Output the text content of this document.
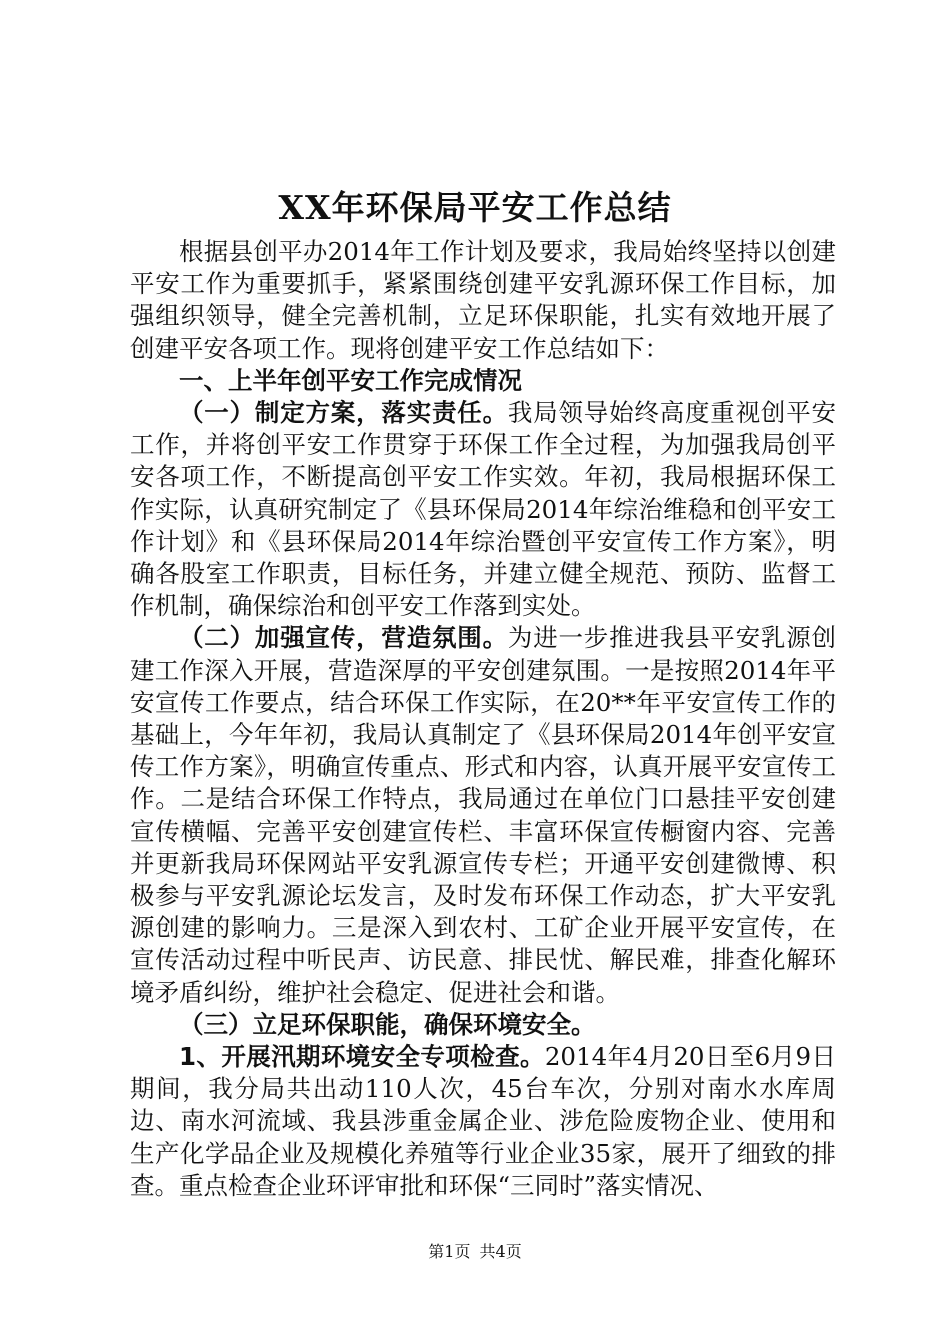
XX年环保局平安工作总结

根据县创平办2014年工作计划及要求，我局始终坚持以创建平安工作为重要抓手，紧紧围绕创建平安乳源环保工作目标，加强组织领导，健全完善机制，立足环保职能，扎实有效地开展了创建平安各项工作。现将创建平安工作总结如下：

一、上半年创平安工作完成情况

（一）制定方案，落实责任。我局领导始终高度重视创平安工作，并将创平安工作贯穿于环保工作全过程，为加强我局创平安各项工作，不断提高创平安工作实效。年初，我局根据环保工作实际，认真研究制定了《县环保局2014年综治维稳和创平安工作计划》和《县环保局2014年综治暨创平安宣传工作方案》，明确各股室工作职责，目标任务，并建立健全规范、预防、监督工作机制，确保综治和创平安工作落到实处。

（二）加强宣传，营造氛围。为进一步推进我县平安乳源创建工作深入开展，营造深厚的平安创建氛围。一是按照2014年平安宣传工作要点，结合环保工作实际，在20**年平安宣传工作的基础上，今年年初，我局认真制定了《县环保局2014年创平安宣传工作方案》，明确宣传重点、形式和内容，认真开展平安宣传工作。二是结合环保工作特点，我局通过在单位门口悬挂平安创建宣传横幅、完善平安创建宣传栏、丰富环保宣传橱窗内容、完善并更新我局环保网站平安乳源宣传专栏；开通平安创建微博、积极参与平安乳源论坛发言，及时发布环保工作动态，扩大平安乳源创建的影响力。三是深入到农村、工矿企业开展平安宣传，在宣传活动过程中听民声、访民意、排民忧、解民难，排查化解环境矛盾纠纷，维护社会稳定、促进社会和谐。

（三）立足环保职能，确保环境安全。

1、开展汛期环境安全专项检查。2014年4月20日至6月9日期间，我分局共出动110人次，45台车次，分别对南水水库周边、南水河流域、我县涉重金属企业、涉危险废物企业、使用和生产化学品企业及规模化养殖等行业企业35家，展开了细致的排查。重点检查企业环评审批和环保“三同时”落实情况、

第1页 共4页
